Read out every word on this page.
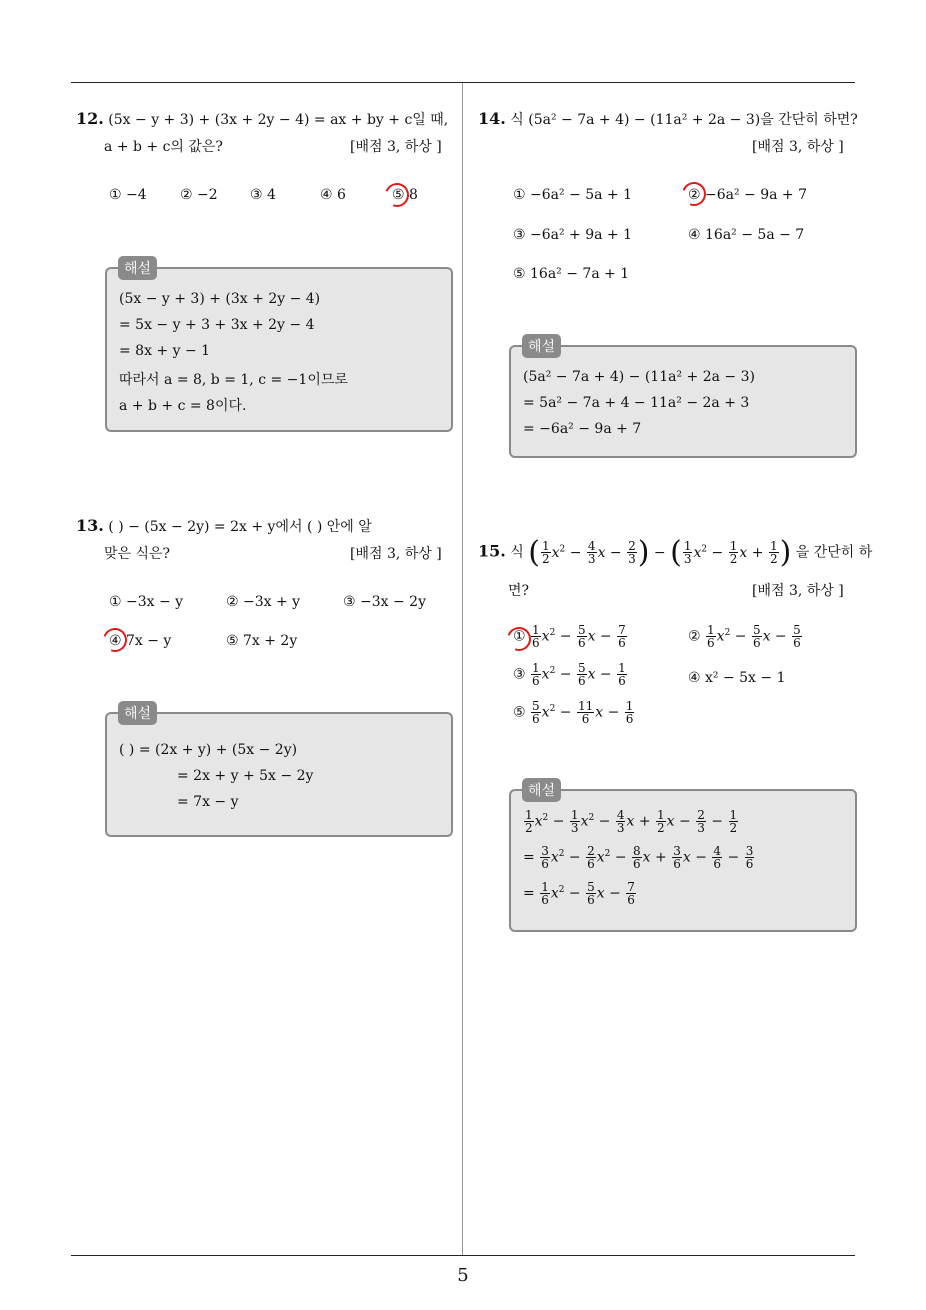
5
12. (5x − y + 3) + (3x + 2y − 4) = ax + by + c일 때,
a + b + c의 값은?	[배점 3, 하상 ]
① −4 ② −2 ③ 4	④ 6	⑤ 8
(5x − y + 3) + (3x + 2y − 4)
= 5x − y + 3 + 3x + 2y − 4
= 8x + y − 1
따라서 a = 8, b = 1, c = −1이므로
a + b + c = 8이다.
해설
13. ( ) − (5x − 2y) = 2x + y에서 ( ) 안에 알
맞은 식은?	[배점 3, 하상 ]
① −3x − y	② −3x + y	③ −3x − 2y
④ 7x − y	⑤ 7x + 2y
( ) = (2x + y) + (5x − 2y)
= 2x + y + 5x − 2y
= 7x − y
해설
14. 식 (5a² − 7a + 4) − (11a² + 2a − 3)을 간단히 하면?
[배점 3, 하상 ]
① −6a² − 5a + 1	② −6a² − 9a + 7
③ −6a² + 9a + 1	④ 16a² − 5a − 7
⑤ 16a² − 7a + 1
(5a² − 7a + 4) − (11a² + 2a − 3)
= 5a² − 7a + 4 − 11a² − 2a + 3
= −6a² − 9a + 7
해설
15. 식 ( $\frac{1}{2} x^2 - \frac{4}{3}$ $x - \frac{2}{3}$ ) − ( $\frac{1}{3} x^2 - \frac{1}{2}$ $x + \frac{1}{2}$ ) 을 간단히 하
면?	[배점 3, 하상 ]
① $\frac{1}{6} x^2 - \frac{5}{6}$ $x - \frac{7}{6}$	② $\frac{1}{6} x^2 - \frac{5}{6}$ $x - \frac{5}{6}$
③ $\frac{1}{6} x^2 - \frac{5}{6}$ $x - \frac{1}{6}$	④ x² − 5x − 1
⑤ $\frac{5}{6} x^2 - \frac{11}{6}$ $x - \frac{1}{6}$
$\frac{1}{2} x^2 - \frac{1}{3} x^2 - \frac{4}{3}$ $x + \frac{1}{2}$ $x - \frac{2}{3} - \frac{1}{2}$
= $\frac{3}{6} x^2 - \frac{2}{6} x^2 - \frac{8}{6}$ $x + \frac{3}{6}$ $x - \frac{4}{6} - \frac{3}{6}$
= $\frac{1}{6} x^2 - \frac{5}{6}$ $x - \frac{7}{6}$
해설
